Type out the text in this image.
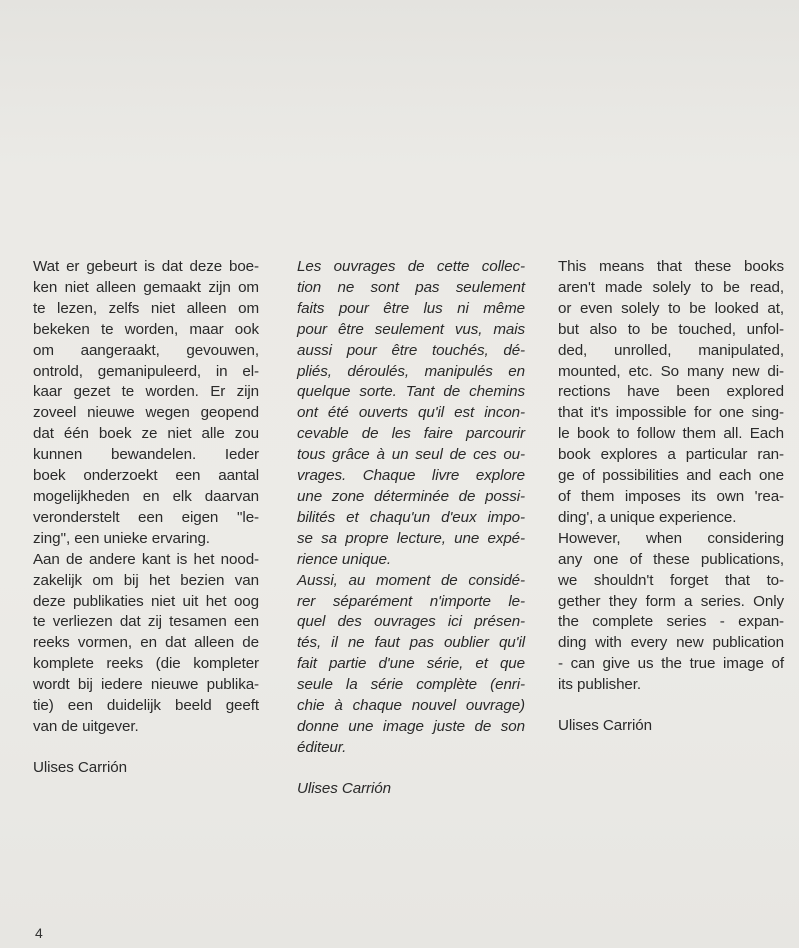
Wat er gebeurt is dat deze boe-
ken niet alleen gemaakt zijn om
te lezen, zelfs niet alleen om
bekeken te worden, maar ook
om aangeraakt, gevouwen,
ontrold, gemanipuleerd, in el-
kaar gezet te worden. Er zijn
zoveel nieuwe wegen geopend
dat één boek ze niet alle zou
kunnen bewandelen. Ieder
boek onderzoekt een aantal
mogelijkheden en elk daarvan
veronderstelt een eigen ''le-
zing'', een unieke ervaring.

Aan de andere kant is het nood-
zakelijk om bij het bezien van
deze publikaties niet uit het oog
te verliezen dat zij tesamen een
reeks vormen, en dat alleen de
komplete reeks (die kompleter
wordt bij iedere nieuwe publika-
tie) een duidelijk beeld geeft
van de uitgever.

Ulises Carrión

Les ouvrages de cette collec-
tion ne sont pas seulement
faits pour être lus ni même
pour être seulement vus, mais
aussi pour être touchés, dé-
pliés, déroulés, manipulés en
quelque sorte. Tant de chemins
ont été ouverts qu'il est incon-
cevable de les faire parcourir
tous grâce à un seul de ces ou-
vrages. Chaque livre explore
une zone déterminée de possi-
bilités et chaqu'un d'eux impo-
se sa propre lecture, une expé-
rience unique.

Aussi, au moment de considé-
rer séparément n'importe le-
quel des ouvrages ici présen-
tés, il ne faut pas oublier qu'il
fait partie d'une série, et que
seule la série complète (enri-
chie à chaque nouvel ouvrage)
donne une image juste de son
éditeur.

Ulises Carrión

This means that these books
aren't made solely to be read,
or even solely to be looked at,
but also to be touched, unfol-
ded, unrolled, manipulated,
mounted, etc. So many new di-
rections have been explored
that it's impossible for one sing-
le book to follow them all. Each
book explores a particular ran-
ge of possibilities and each one
of them imposes its own 'rea-
ding', a unique experience.

However, when considering
any one of these publications,
we shouldn't forget that to-
gether they form a series. Only
the complete series - expan-
ding with every new publication
- can give us the true image of
its publisher.

Ulises Carrión

4
